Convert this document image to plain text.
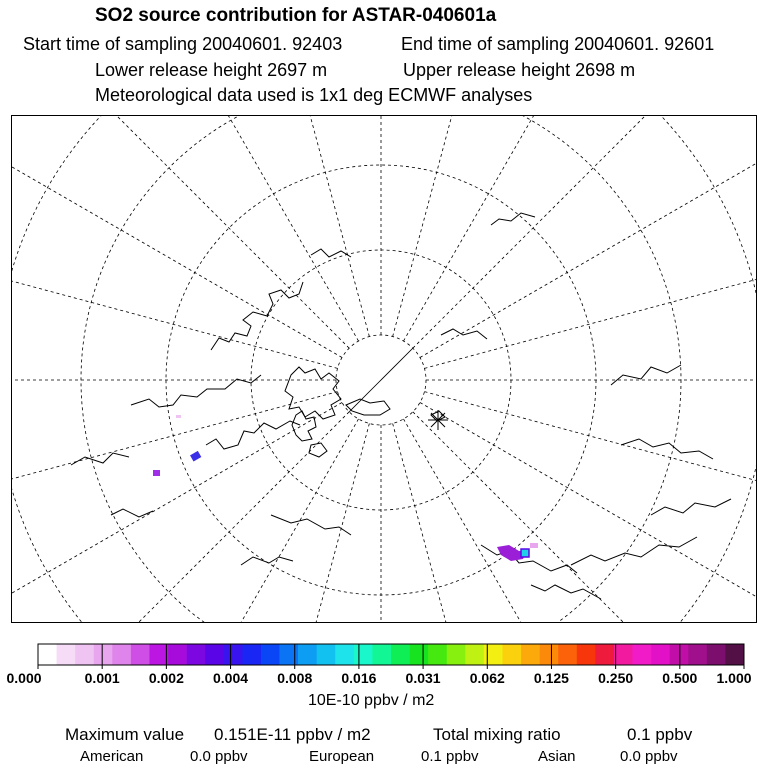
SO2 source contribution for ASTAR-040601a
Start time of sampling 20040601. 92403	End time of sampling 20040601. 92601
Lower release height 2697 m	Upper release height 2698 m
Meteorological data used is 1x1 deg ECMWF analyses
0.000	0.001 0.002 0.004 0.008 0.016 0.031 0.062 0.125 0.250 0.500 1.000
10E-10 ppbv / m2
Maximum value 0.151E-11 ppbv / m2	Total mixing ratio	0.1 ppbv
American	0.0 ppbv	European	0.1 ppbv	Asian	0.0 ppbv
